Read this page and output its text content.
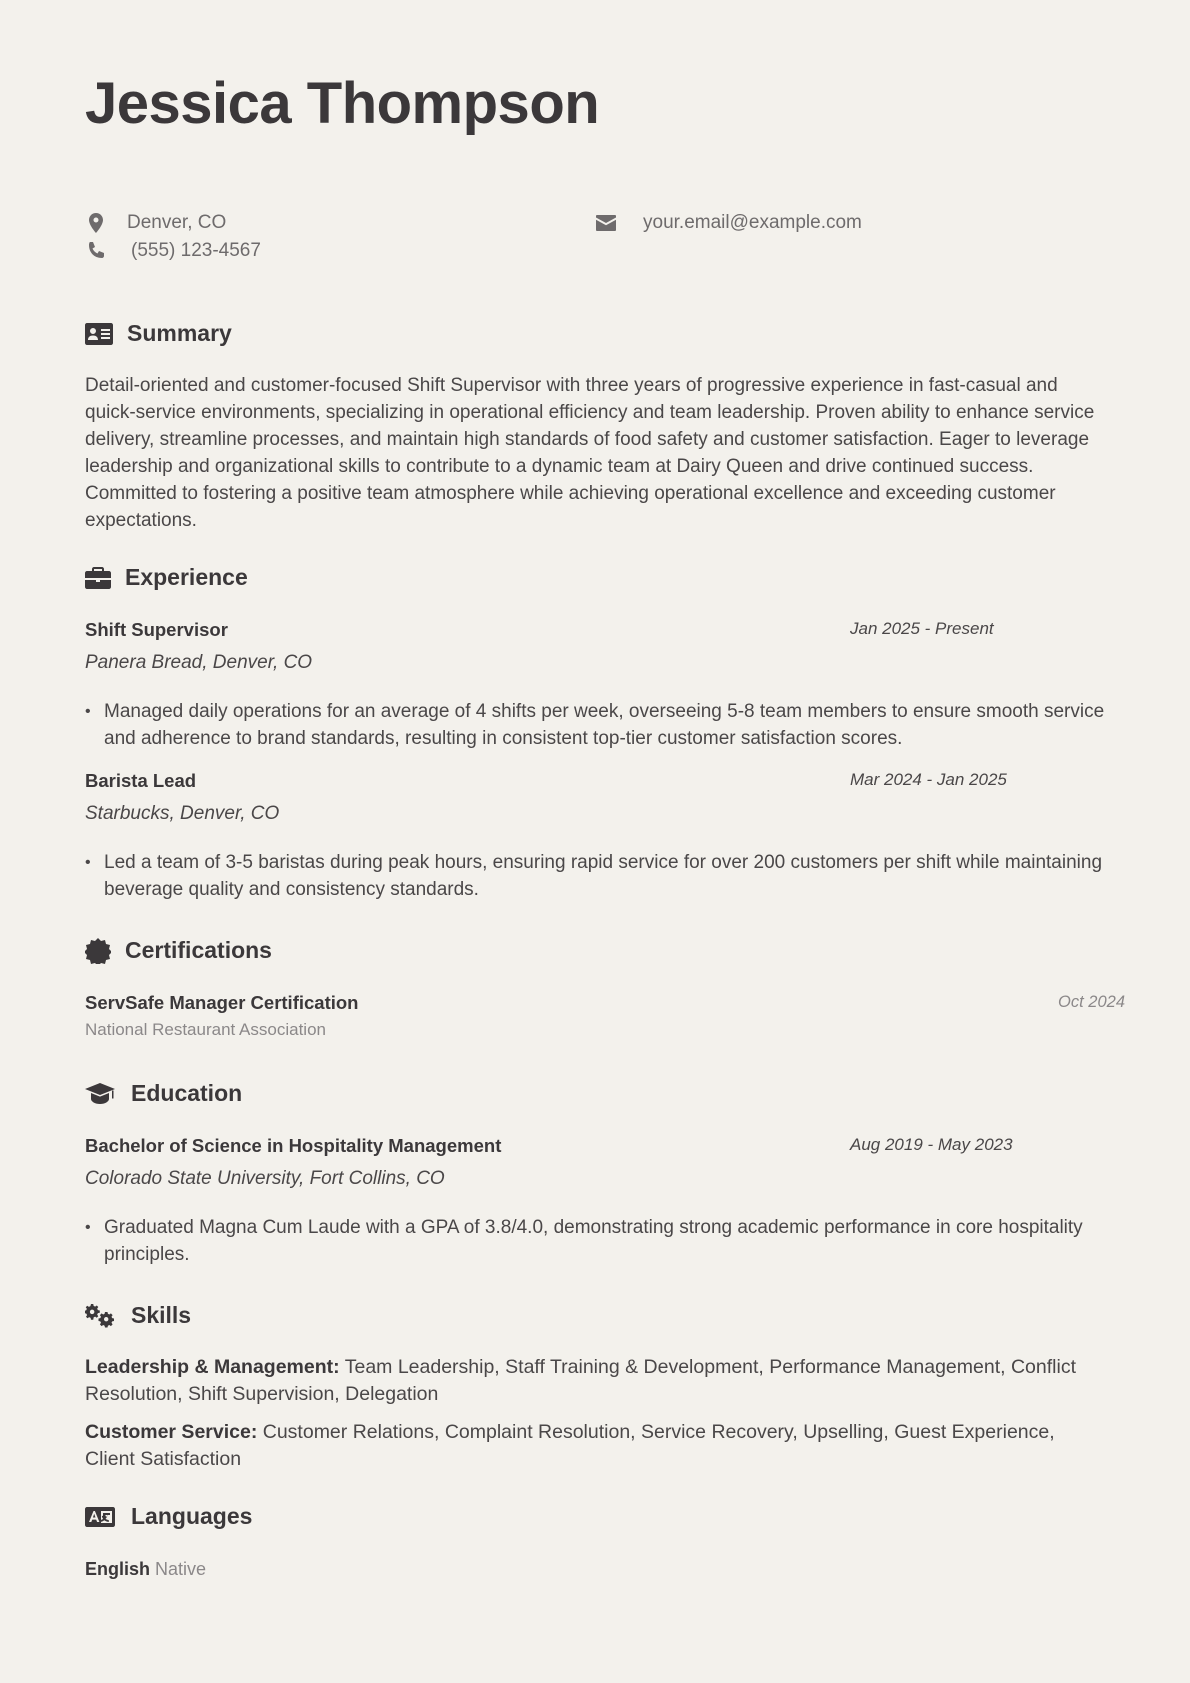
Jessica Thompson
Denver, CO
(555) 123-4567
your.email@example.com
Summary

Detail-oriented and customer-focused Shift Supervisor with three years of progressive experience in fast-casual and quick-service environments, specializing in operational efficiency and team leadership. Proven ability to enhance service delivery, streamline processes, and maintain high standards of food safety and customer satisfaction. Eager to leverage leadership and organizational skills to contribute to a dynamic team at Dairy Queen and drive continued success. Committed to fostering a positive team atmosphere while achieving operational excellence and exceeding customer expectations.

Experience
Shift Supervisor	Jan 2025 - Present
Panera Bread, Denver, CO
• Managed daily operations for an average of 4 shifts per week, overseeing 5-8 team members to ensure smooth service and adherence to brand standards, resulting in consistent top-tier customer satisfaction scores.
Barista Lead	Mar 2024 - Jan 2025
Starbucks, Denver, CO
• Led a team of 3-5 baristas during peak hours, ensuring rapid service for over 200 customers per shift while maintaining beverage quality and consistency standards.
Certifications
ServSafe Manager Certification	Oct 2024
National Restaurant Association
Education
Bachelor of Science in Hospitality Management	Aug 2019 - May 2023
Colorado State University, Fort Collins, CO
• Graduated Magna Cum Laude with a GPA of 3.8/4.0, demonstrating strong academic performance in core hospitality principles.
Skills

Leadership & Management: Team Leadership, Staff Training & Development, Performance Management, Conflict Resolution, Shift Supervision, Delegation

Customer Service: Customer Relations, Complaint Resolution, Service Recovery, Upselling, Guest Experience, Client Satisfaction

Languages
English Native
